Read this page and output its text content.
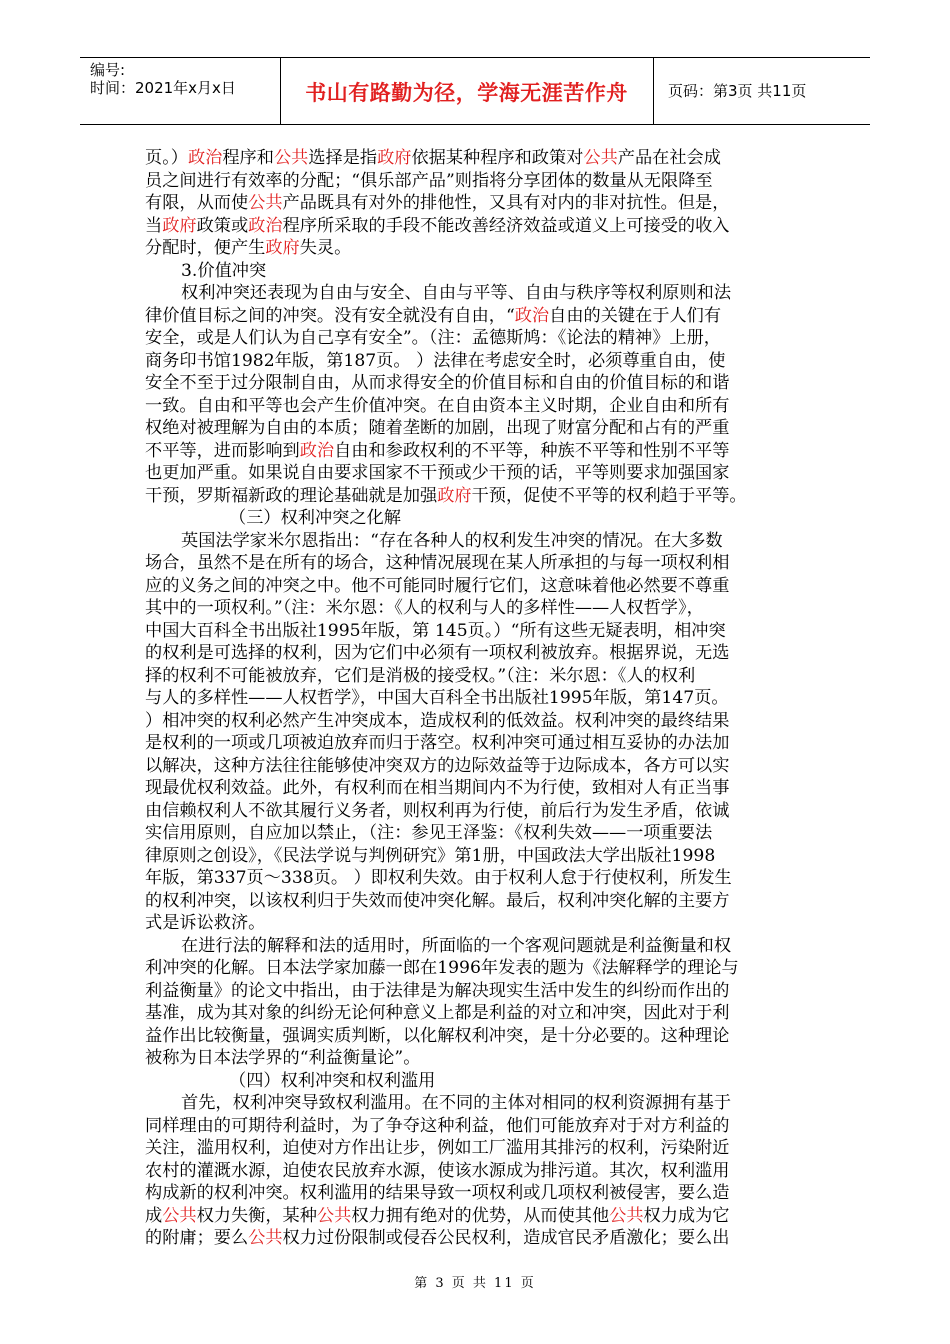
编号:
时间：2021年x月x日	书山有路勤为径，学海无涯苦作舟	页码：第3页 共11页
页。）政治程序和公共选择是指政府依据某种程序和政策对公共产品在社会成
员之间进行有效率的分配；“俱乐部产品”则指将分享团体的数量从无限降至
有限，从而使公共产品既具有对外的排他性，又具有对内的非对抗性。但是，
当政府政策或政治程序所采取的手段不能改善经济效益或道义上可接受的收入
分配时，便产生政府失灵。
3.价值冲突
权利冲突还表现为自由与安全、自由与平等、自由与秩序等权利原则和法
律价值目标之间的冲突。没有安全就没有自由，“政治自由的关键在于人们有
安全，或是人们认为自己享有安全”。（注：孟德斯鸠：《论法的精神》上册，
商务印书馆1982年版，第187页。 ）法律在考虑安全时，必须尊重自由，使
安全不至于过分限制自由，从而求得安全的价值目标和自由的价值目标的和谐
一致。自由和平等也会产生价值冲突。在自由资本主义时期，企业自由和所有
权绝对被理解为自由的本质；随着垄断的加剧，出现了财富分配和占有的严重
不平等，进而影响到政治自由和参政权利的不平等，种族不平等和性别不平等
也更加严重。如果说自由要求国家不干预或少干预的话，平等则要求加强国家
干预，罗斯福新政的理论基础就是加强政府干预，促使不平等的权利趋于平等。
（三）权利冲突之化解
英国法学家米尔恩指出：“存在各种人的权利发生冲突的情况。在大多数
场合，虽然不是在所有的场合，这种情况展现在某人所承担的与每一项权利相
应的义务之间的冲突之中。他不可能同时履行它们，这意味着他必然要不尊重
其中的一项权利。”（注：米尔恩：《人的权利与人的多样性——人权哲学》，
中国大百科全书出版社1995年版，第 145页。）“所有这些无疑表明，相冲突
的权利是可选择的权利，因为它们中必须有一项权利被放弃。根据界说，无选
择的权利不可能被放弃，它们是消极的接受权。”（注：米尔恩：《人的权利
与人的多样性——人权哲学》，中国大百科全书出版社1995年版，第147页。
）相冲突的权利必然产生冲突成本，造成权利的低效益。权利冲突的最终结果
是权利的一项或几项被迫放弃而归于落空。权利冲突可通过相互妥协的办法加
以解决，这种方法往往能够使冲突双方的边际效益等于边际成本，各方可以实
现最优权利效益。此外，有权利而在相当期间内不为行使，致相对人有正当事
由信赖权利人不欲其履行义务者，则权利再为行使，前后行为发生矛盾，依诚
实信用原则，自应加以禁止，（注：参见王泽鉴：《权利失效——一项重要法
律原则之创设》，《民法学说与判例研究》第1册，中国政法大学出版社1998
年版，第337页～338页。 ）即权利失效。由于权利人怠于行使权利，所发生
的权利冲突，以该权利归于失效而使冲突化解。最后，权利冲突化解的主要方
式是诉讼救济。
在进行法的解释和法的适用时，所面临的一个客观问题就是利益衡量和权
利冲突的化解。日本法学家加藤一郎在1996年发表的题为《法解释学的理论与
利益衡量》的论文中指出，由于法律是为解决现实生活中发生的纠纷而作出的
基准，成为其对象的纠纷无论何种意义上都是利益的对立和冲突，因此对于利
益作出比较衡量，强调实质判断，以化解权利冲突，是十分必要的。这种理论
被称为日本法学界的“利益衡量论”。
（四）权利冲突和权利滥用
首先，权利冲突导致权利滥用。在不同的主体对相同的权利资源拥有基于
同样理由的可期待利益时，为了争夺这种利益，他们可能放弃对于对方利益的
关注，滥用权利，迫使对方作出让步，例如工厂滥用其排污的权利，污染附近
农村的灌溉水源，迫使农民放弃水源，使该水源成为排污道。其次，权利滥用
构成新的权利冲突。权利滥用的结果导致一项权利或几项权利被侵害，要么造
成公共权力失衡，某种公共权力拥有绝对的优势，从而使其他公共权力成为它
的附庸；要么公共权力过份限制或侵吞公民权利，造成官民矛盾激化；要么出
第 3 页 共 11 页
